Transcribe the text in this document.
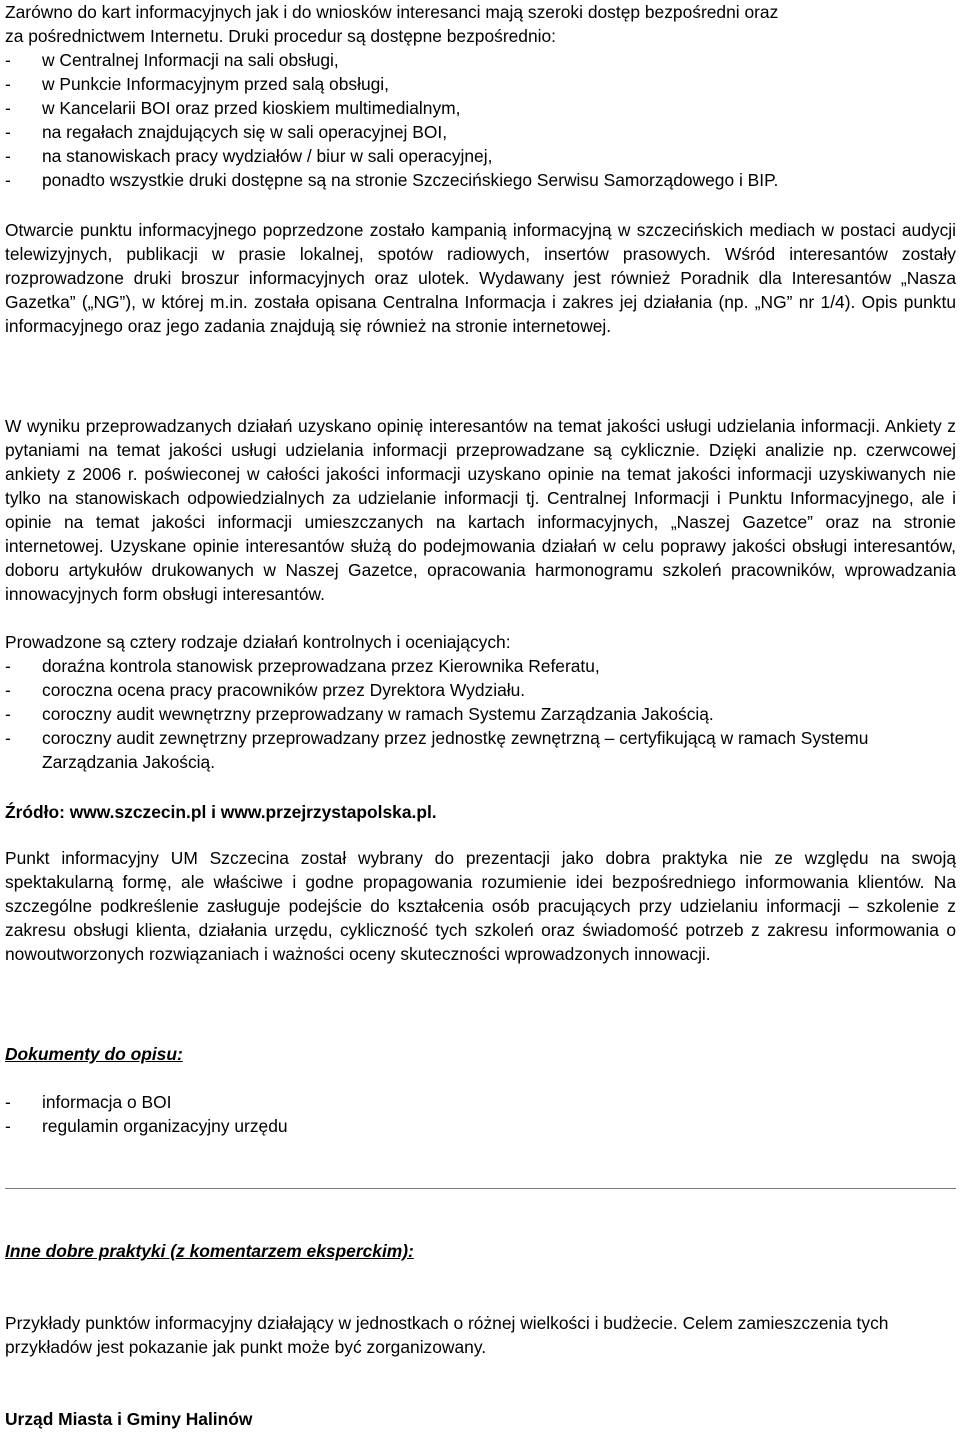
Zarówno do kart informacyjnych jak i do wniosków interesanci mają szeroki dostęp bezpośredni oraz

za pośrednictwem Internetu. Druki procedur są dostępne bezpośrednio:

- w Centralnej Informacji na sali obsługi,
- w Punkcie Informacyjnym przed salą obsługi,
- w Kancelarii BOI oraz przed kioskiem multimedialnym,
- na regałach znajdujących się w sali operacyjnej BOI,
- na stanowiskach pracy wydziałów / biur w sali operacyjnej,
- ponadto wszystkie druki dostępne są na stronie Szczecińskiego Serwisu Samorządowego i BIP.

Otwarcie punktu informacyjnego poprzedzone zostało kampanią informacyjną w szczecińskich mediach w postaci audycji telewizyjnych, publikacji w prasie lokalnej, spotów radiowych, insertów prasowych. Wśród interesantów zostały rozprowadzone druki broszur informacyjnych oraz ulotek. Wydawany jest również Poradnik dla Interesantów „Nasza Gazetka” („NG”), w której m.in. została opisana Centralna Informacja i zakres jej działania (np. „NG” nr 1/4). Opis punktu informacyjnego oraz jego zadania znajdują się również na stronie internetowej.

W wyniku przeprowadzanych działań uzyskano opinię interesantów na temat jakości usługi udzielania informacji. Ankiety z pytaniami na temat jakości usługi udzielania informacji przeprowadzane są cyklicznie. Dzięki analizie np. czerwcowej ankiety z 2006 r. poświeconej w całości jakości informacji uzyskano opinie na temat jakości informacji uzyskiwanych nie tylko na stanowiskach odpowiedzialnych za udzielanie informacji tj. Centralnej Informacji i Punktu Informacyjnego, ale i opinie na temat jakości informacji umieszczanych na kartach informacyjnych, „Naszej Gazetce” oraz na stronie internetowej. Uzyskane opinie interesantów służą do podejmowania działań w celu poprawy jakości obsługi interesantów, doboru artykułów drukowanych w Naszej Gazetce, opracowania harmonogramu szkoleń pracowników, wprowadzania innowacyjnych form obsługi interesantów.

Prowadzone są cztery rodzaje działań kontrolnych i oceniających:

- doraźna kontrola stanowisk przeprowadzana przez Kierownika Referatu,
- coroczna ocena pracy pracowników przez Dyrektora Wydziału.
- coroczny audit wewnętrzny przeprowadzany w ramach Systemu Zarządzania Jakością.
- coroczny audit zewnętrzny przeprowadzany przez jednostkę zewnętrzną – certyfikującą w ramach Systemu Zarządzania Jakością.

Źródło: www.szczecin.pl i www.przejrzystapolska.pl.

Punkt informacyjny UM Szczecina został wybrany do prezentacji jako dobra praktyka nie ze względu na swoją spektakularną formę, ale właściwe i godne propagowania rozumienie idei bezpośredniego informowania klientów. Na szczególne podkreślenie zasługuje podejście do kształcenia osób pracujących przy udzielaniu informacji – szkolenie z zakresu obsługi klienta, działania urzędu, cykliczność tych szkoleń oraz świadomość potrzeb z zakresu informowania o nowoutworzonych rozwiązaniach i ważności oceny skuteczności wprowadzonych innowacji.

Dokumenty do opisu:

- informacja o BOI
- regulamin organizacyjny urzędu

Inne dobre praktyki (z komentarzem eksperckim):

Przykłady punktów informacyjny działający w jednostkach o różnej wielkości i budżecie. Celem zamieszczenia tych przykładów jest pokazanie jak punkt może być zorganizowany.

Urząd Miasta i Gminy Halinów
